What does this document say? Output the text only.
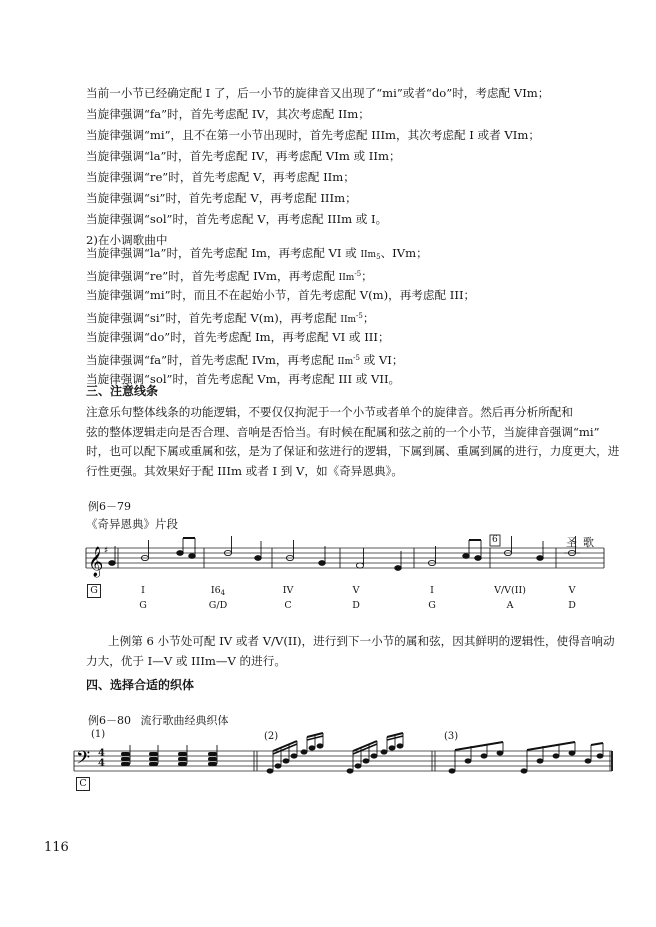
当前一小节已经确定配 I 了，后一小节的旋律音又出现了“mi”或者“do”时，考虑配 VIm；
当旋律强调“fa”时，首先考虑配 IV，其次考虑配 IIm；
当旋律强调“mi”，且不在第一小节出现时，首先考虑配 IIIm，其次考虑配 I 或者 VIm；
当旋律强调“la”时，首先考虑配 IV，再考虑配 VIm 或 IIm；
当旋律强调“re”时，首先考虑配 V，再考虑配 IIm；
当旋律强调“si”时，首先考虑配 V，再考虑配 IIIm；
当旋律强调“sol”时，首先考虑配 V，再考虑配 IIIm 或 I。
2)在小调歌曲中
当旋律强调“la”时，首先考虑配 Im，再考虑配 VI 或 IIm$_5$、IVm；
当旋律强调“re”时，首先考虑配 IVm，再考虑配 IIm$^{-5}$；
当旋律强调“mi”时，而且不在起始小节，首先考虑配 V(m)，再考虑配 III；
当旋律强调“si”时，首先考虑配 V(m)，再考虑配 IIm$^{-5}$；
当旋律强调“do”时，首先考虑配 Im，再考虑配 VI 或 III；
当旋律强调“fa”时，首先考虑配 IVm，再考虑配 IIm$^{-5}$ 或 VI；
当旋律强调“sol”时，首先考虑配 Vm，再考虑配 III 或 VII。
三、注意线条
注意乐句整体线条的功能逻辑，不要仅仅拘泥于一个小节或者单个的旋律音。然后再分析所配和
弦的整体逻辑走向是否合理、音响是否恰当。有时候在配属和弦之前的一个小节，当旋律音强调“mi”
时，也可以配下属或重属和弦，是为了保证和弦进行的逻辑，下属到属、重属到属的进行，力度更大，进
行性更强。其效果好于配 IIIm 或者 I 到 V，如《奇异恩典》。
例6－79
《奇异恩典》片段
圣歌
𝄞 ♯
6
G	I	$I6_4$	IV	V	I	V/V(II)	V
G	G/D	C	D	G	A	D
上例第 6 小节处可配 IV 或者 V/V(II)，进行到下一小节的属和弦，因其鲜明的逻辑性，使得音响动
力大，优于 I—V 或 IIIm—V 的进行。
四、选择合适的织体
例6－80 流行歌曲经典织体
(1)	(2)	(3)
𝄢 4
4
C
116
